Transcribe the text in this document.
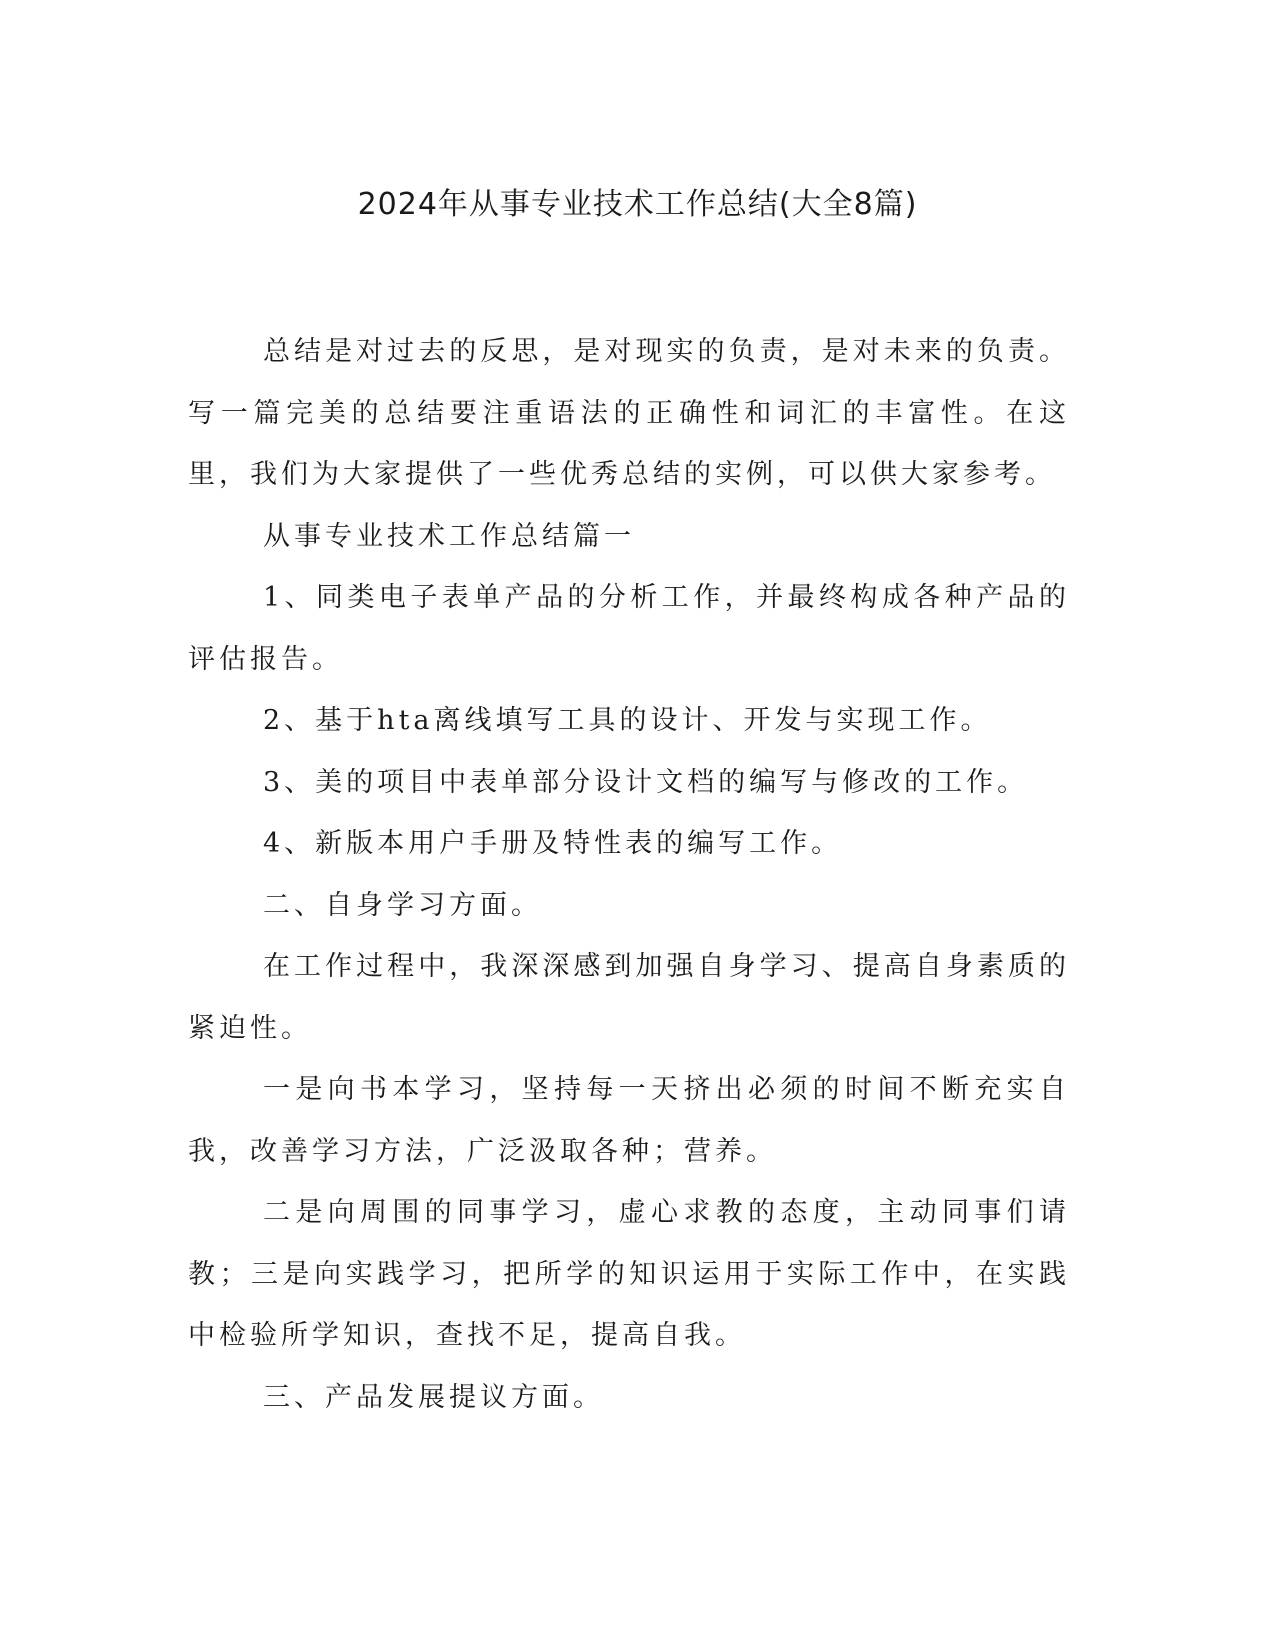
2024年从事专业技术工作总结(大全8篇)

总结是对过去的反思，是对现实的负责，是对未来的负责。写一篇完美的总结要注重语法的正确性和词汇的丰富性。在这里，我们为大家提供了一些优秀总结的实例，可以供大家参考。

从事专业技术工作总结篇一

1、同类电子表单产品的分析工作，并最终构成各种产品的评估报告。

2、基于hta离线填写工具的设计、开发与实现工作。

3、美的项目中表单部分设计文档的编写与修改的工作。

4、新版本用户手册及特性表的编写工作。

二、自身学习方面。

在工作过程中，我深深感到加强自身学习、提高自身素质的紧迫性。

一是向书本学习，坚持每一天挤出必须的时间不断充实自我，改善学习方法，广泛汲取各种；营养。

二是向周围的同事学习，虚心求教的态度，主动同事们请教；三是向实践学习，把所学的知识运用于实际工作中，在实践中检验所学知识，查找不足，提高自我。

三、产品发展提议方面。
